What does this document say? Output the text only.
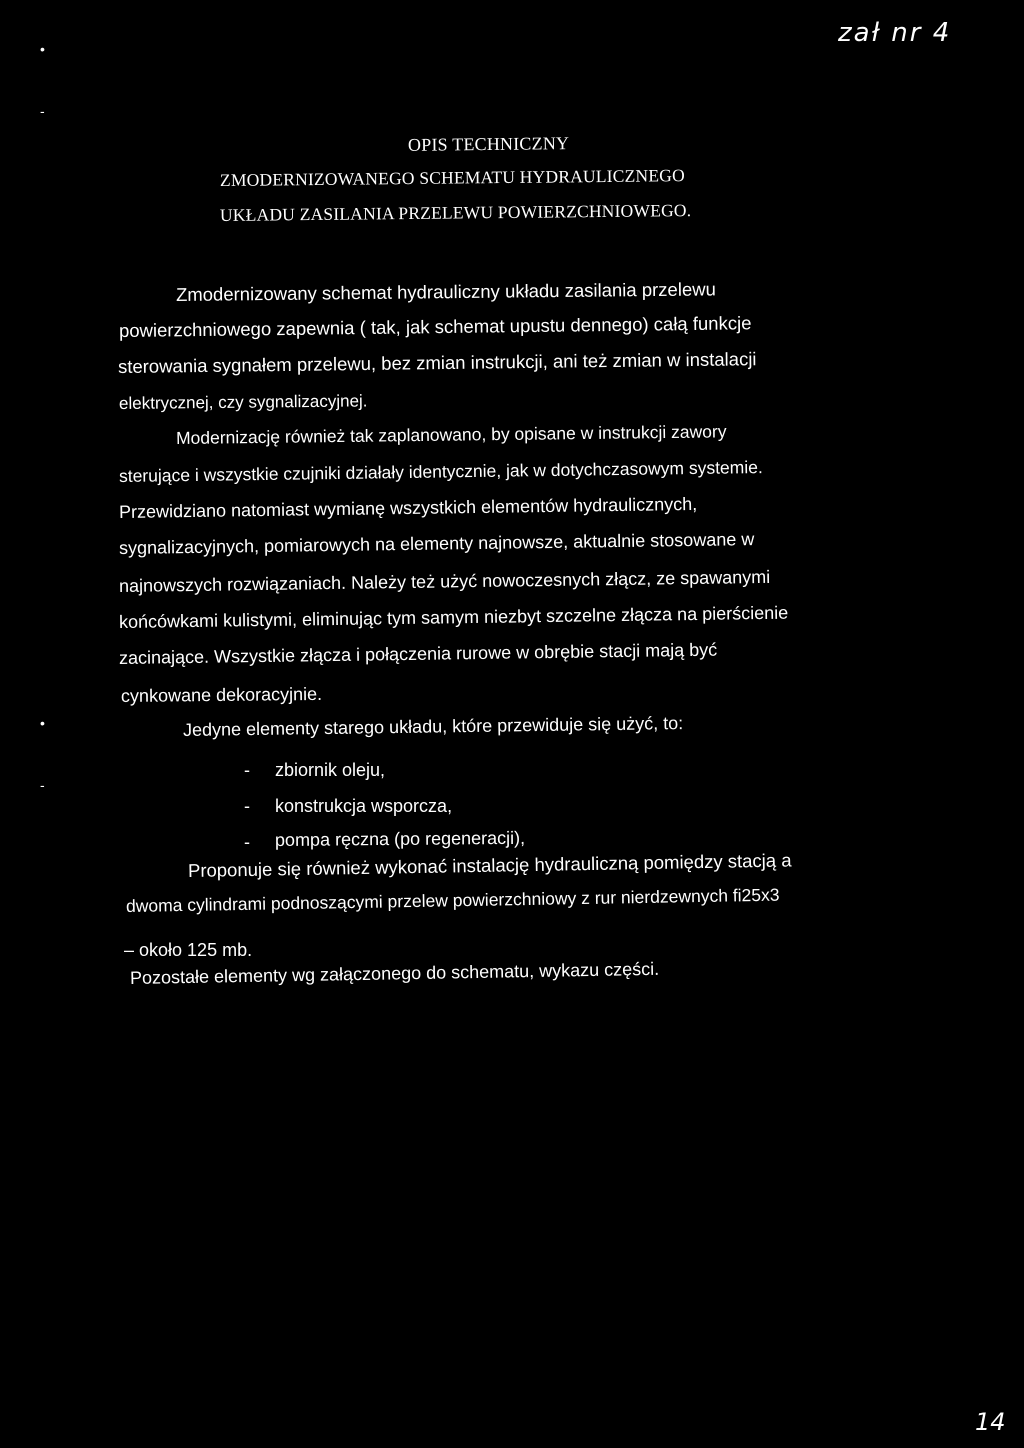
zał nr 4
•
-
•
-
OPIS TECHNICZNY
ZMODERNIZOWANEGO SCHEMATU HYDRAULICZNEGO
UKŁADU ZASILANIA PRZELEWU POWIERZCHNIOWEGO.
Zmodernizowany schemat hydrauliczny układu zasilania przelewu
powierzchniowego zapewnia ( tak, jak schemat upustu dennego) całą funkcje
sterowania sygnałem przelewu, bez zmian instrukcji, ani też zmian w instalacji
elektrycznej, czy sygnalizacyjnej.
Modernizację również tak zaplanowano, by opisane w instrukcji zawory
sterujące i wszystkie czujniki działały identycznie, jak w dotychczasowym systemie.
Przewidziano natomiast wymianę wszystkich elementów hydraulicznych,
sygnalizacyjnych, pomiarowych na elementy najnowsze, aktualnie stosowane w
najnowszych rozwiązaniach. Należy też użyć nowoczesnych złącz, ze spawanymi
końcówkami kulistymi, eliminując tym samym niezbyt szczelne złącza na pierścienie
zacinające. Wszystkie złącza i połączenia rurowe w obrębie stacji mają być
cynkowane dekoracyjnie.
Jedyne elementy starego układu, które przewiduje się użyć, to:
- zbiornik oleju,
- konstrukcja wsporcza,
- pompa ręczna (po regeneracji),
Proponuje się również wykonać instalację hydrauliczną pomiędzy stacją a
dwoma cylindrami podnoszącymi przelew powierzchniowy z rur nierdzewnych fi25x3
– około 125 mb.
Pozostałe elementy wg załączonego do schematu, wykazu części.
14
